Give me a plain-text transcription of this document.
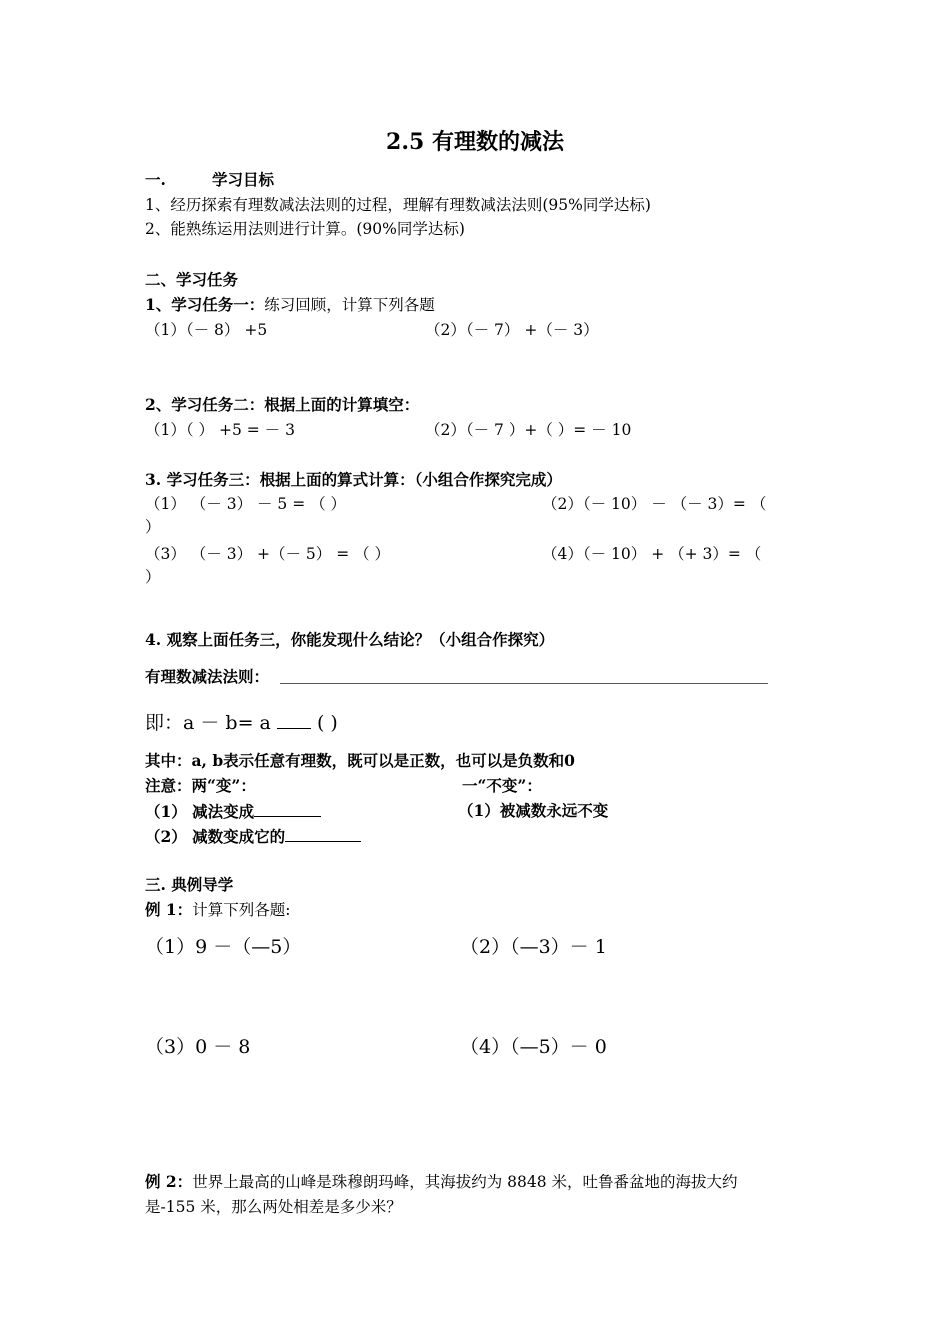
2.5 有理数的减法
一.	学习目标
1、经历探索有理数减法法则的过程，理解有理数减法法则(95%同学达标)
2、能熟练运用法则进行计算。(90%同学达标)
二、学习任务
1、学习任务一：练习回顾，计算下列各题
（1）（－ 8） +5	（2）（－ 7） +（－ 3）
2、学习任务二：根据上面的计算填空：
（1）（ ） +5 = － 3	（2）（－ 7 ）+（ ）= － 10
3. 学习任务三：根据上面的算式计算：（小组合作探究完成）
（1） （－ 3） － 5 = （ ）	（2）（－ 10） － （－ 3）= （
）
（3） （－ 3） +（－ 5） = （ ）	（4）（－ 10） + （+ 3）= （
）
4. 观察上面任务三，你能发现什么结论？（小组合作探究）
有理数减法法则：
即：a － b= a ( )
其中：a, b表示任意有理数，既可以是正数，也可以是负数和0
注意：两“变”：	一“不变”：
（1） 减法变成	（1）被减数永远不变
（2） 减数变成它的
三. 典例导学
例 1：计算下列各题:
（1）9 －（—5）	（2）（—3）－ 1
（3）0 － 8	（4）（—5）－ 0
例 2：世界上最高的山峰是珠穆朗玛峰，其海拔约为 8848 米，吐鲁番盆地的海拔大约
是-155 米，那么两处相差是多少米？
